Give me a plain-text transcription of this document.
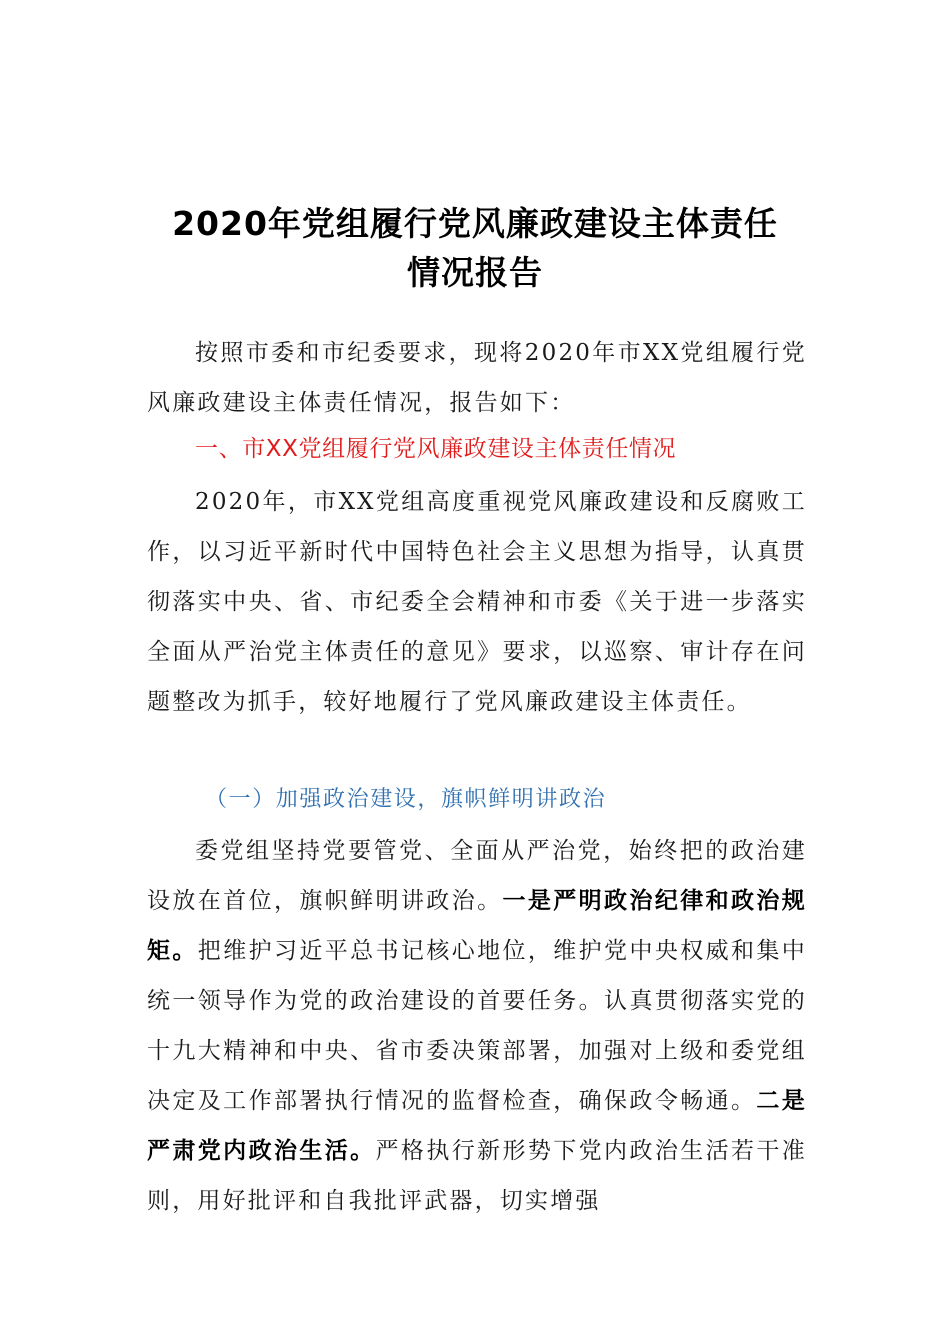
2020年党组履行党风廉政建设主体责任
情况报告
按照市委和市纪委要求，现将2020年市XX党组履行党风廉政建设主体责任情况，报告如下：
一、市XX党组履行党风廉政建设主体责任情况
2020年，市XX党组高度重视党风廉政建设和反腐败工作，以习近平新时代中国特色社会主义思想为指导，认真贯彻落实中央、省、市纪委全会精神和市委《关于进一步落实全面从严治党主体责任的意见》要求，以巡察、审计存在问题整改为抓手，较好地履行了党风廉政建设主体责任。
（一）加强政治建设，旗帜鲜明讲政治
委党组坚持党要管党、全面从严治党，始终把的政治建设放在首位，旗帜鲜明讲政治。一是严明政治纪律和政治规矩。把维护习近平总书记核心地位，维护党中央权威和集中统一领导作为党的政治建设的首要任务。认真贯彻落实党的十九大精神和中央、省市委决策部署，加强对上级和委党组决定及工作部署执行情况的监督检查，确保政令畅通。二是严肃党内政治生活。严格执行新形势下党内政治生活若干准则，用好批评和自我批评武器，切实增强
